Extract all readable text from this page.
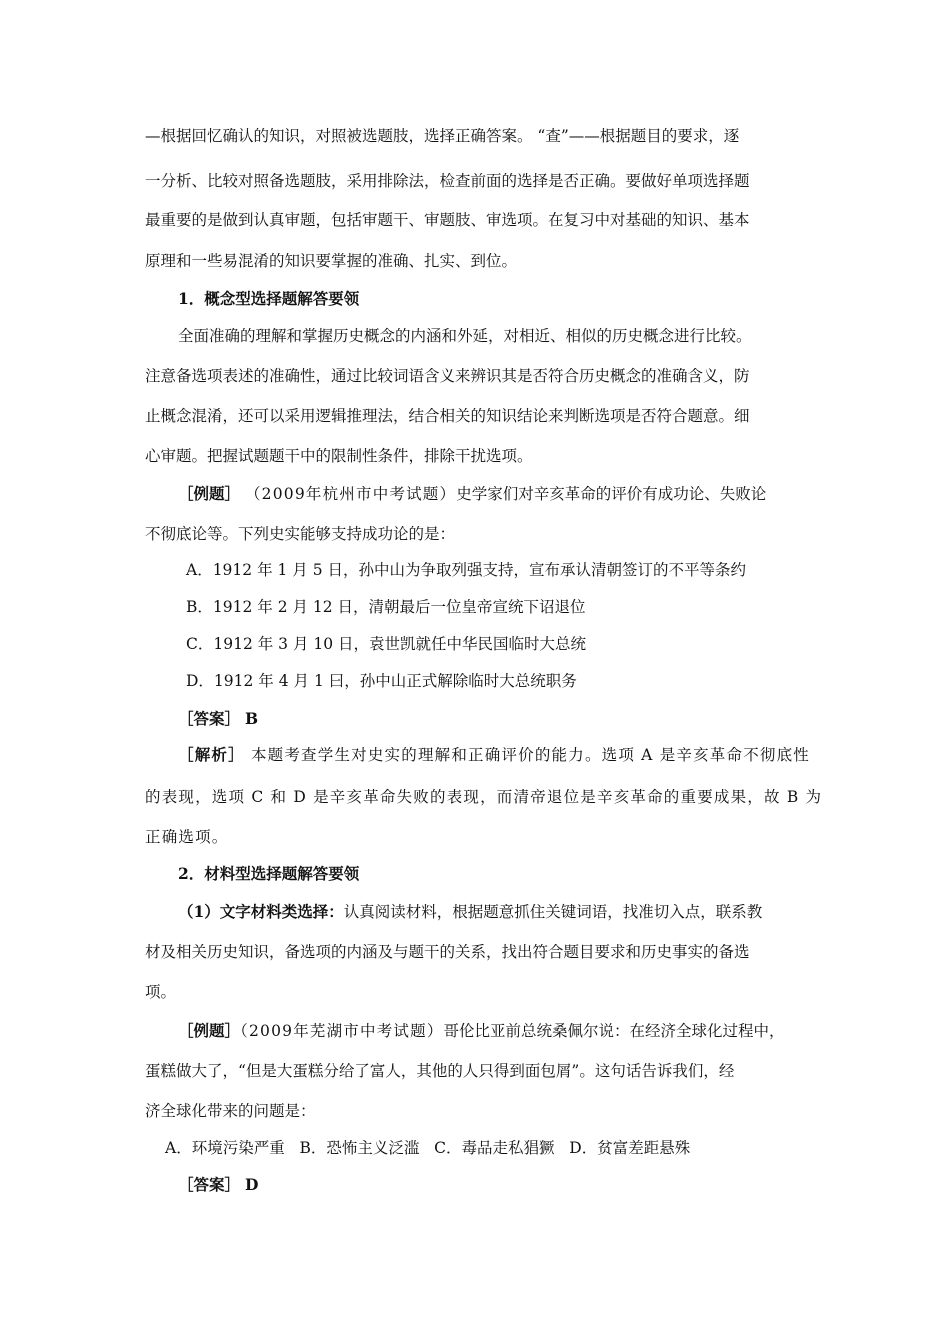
—根据回忆确认的知识，对照被选题肢，选择正确答案。 “查”——根据题目的要求，逐
一分析、比较对照备选题肢，采用排除法，检查前面的选择是否正确。要做好单项选择题
最重要的是做到认真审题，包括审题干、审题肢、审选项。在复习中对基础的知识、基本
原理和一些易混淆的知识要掌握的准确、扎实、到位。
1．概念型选择题解答要领
全面准确的理解和掌握历史概念的内涵和外延，对相近、相似的历史概念进行比较。
注意备选项表述的准确性，通过比较词语含义来辨识其是否符合历史概念的准确含义，防
止概念混淆，还可以采用逻辑推理法，结合相关的知识结论来判断选项是否符合题意。细
心审题。把握试题题干中的限制性条件，排除干扰选项。
［例题］ （2009年杭州市中考试题）史学家们对辛亥革命的评价有成功论、失败论
不彻底论等。下列史实能够支持成功论的是：
A．1912 年 1 月 5 日，孙中山为争取列强支持，宣布承认清朝签订的不平等条约
B．1912 年 2 月 12 日，清朝最后一位皇帝宣统下诏退位
C．1912 年 3 月 10 日，袁世凯就任中华民国临时大总统
D．1912 年 4 月 1 曰，孙中山正式解除临时大总统职务
［答案］ B
［解析］ 本题考查学生对史实的理解和正确评价的能力。选项 A 是辛亥革命不彻底性
的表现，选项 C 和 D 是辛亥革命失败的表现，而清帝退位是辛亥革命的重要成果，故 B 为
正确选项。
2．材料型选择题解答要领
（1）文字材料类选择：认真阅读材料，根据题意抓住关键词语，找准切入点，联系教
材及相关历史知识，备选项的内涵及与题干的关系，找出符合题目要求和历史事实的备选
项。
［例题］（2009年芜湖市中考试题）哥伦比亚前总统桑佩尔说：在经济全球化过程中，
蛋糕做大了，“但是大蛋糕分给了富人，其他的人只得到面包屑”。这句话告诉我们，经
济全球化带来的问题是：
A．环境污染严重   B．恐怖主义泛滥   C．毒品走私猖獗   D．贫富差距悬殊
［答案］ D
